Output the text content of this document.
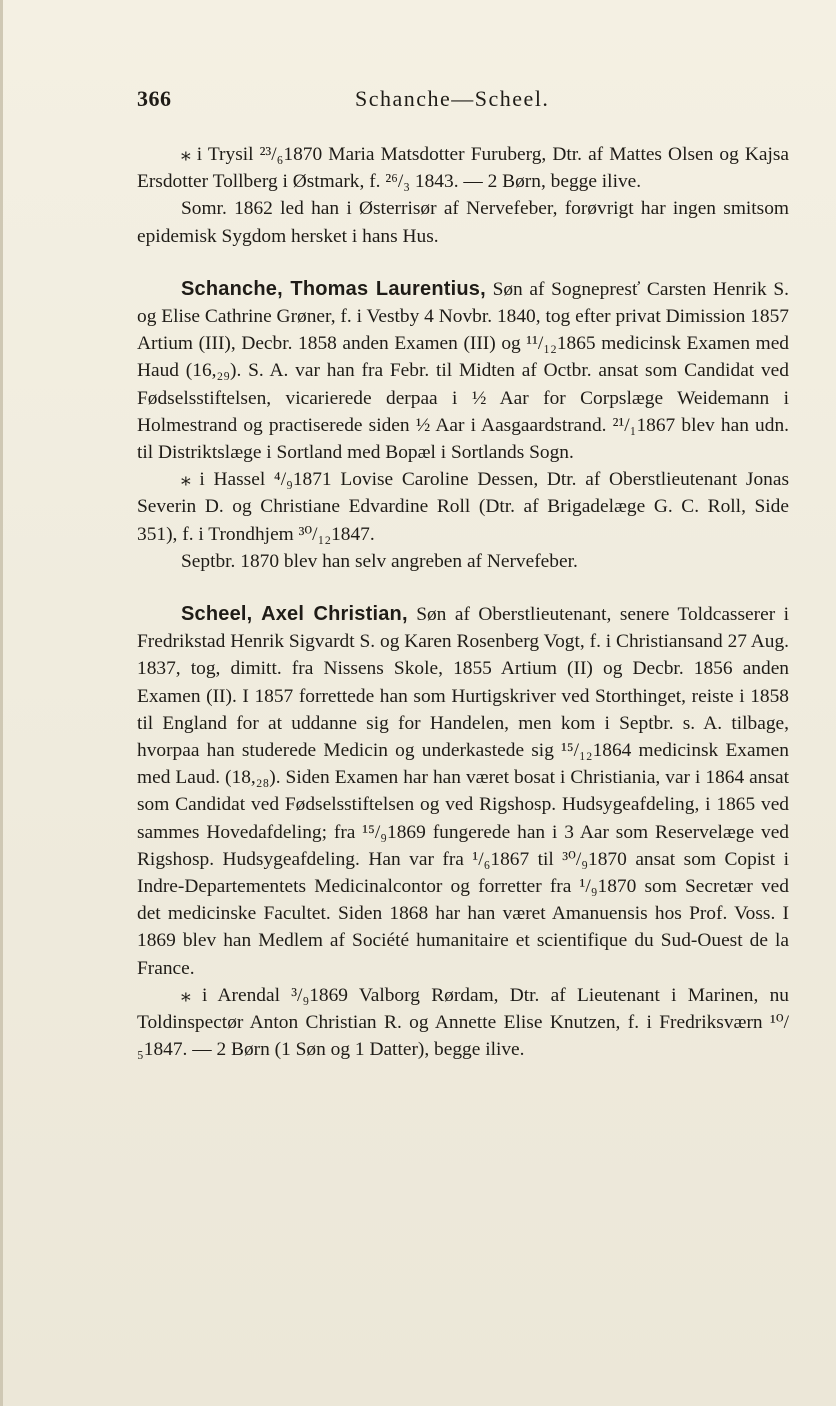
366	Schanche—Scheel.

⁎ i Trysil ²³/₆1870 Maria Matsdotter Furuberg, Dtr. af Mattes Olsen og Kajsa Ersdotter Tollberg i Østmark, f. ²⁶/₃ 1843. — 2 Børn, begge ilive.

Somr. 1862 led han i Østerrisør af Nervefeber, forøvrigt har ingen smitsom epidemisk Sygdom hersket i hans Hus.

Schanche, Thomas Laurentius, Søn af Sognepresť Carsten Henrik S. og Elise Cathrine Grøner, f. i Vestby 4 Novbr. 1840, tog efter privat Dimission 1857 Artium (III), Decbr. 1858 anden Examen (III) og ¹¹/₁₂1865 medicinsk Examen med Haud (16,₂₉). S. A. var han fra Febr. til Midten af Octbr. ansat som Candidat ved Fødselsstiftelsen, vicarierede derpaa i ½ Aar for Corpslæge Weidemann i Holmestrand og practiserede siden ½ Aar i Aasgaardstrand. ²¹/₁1867 blev han udn. til Distriktslæge i Sortland med Bopæl i Sortlands Sogn.

⁎ i Hassel ⁴/₉1871 Lovise Caroline Dessen, Dtr. af Oberstlieutenant Jonas Severin D. og Christiane Edvardine Roll (Dtr. af Brigadelæge G. C. Roll, Side 351), f. i Trondhjem ³⁰/₁₂1847.

Septbr. 1870 blev han selv angreben af Nervefeber.

Scheel, Axel Christian, Søn af Oberstlieutenant, senere Toldcasserer i Fredrikstad Henrik Sigvardt S. og Karen Rosenberg Vogt, f. i Christiansand 27 Aug. 1837, tog, dimitt. fra Nissens Skole, 1855 Artium (II) og Decbr. 1856 anden Examen (II). I 1857 forrettede han som Hurtigskriver ved Storthinget, reiste i 1858 til England for at uddanne sig for Handelen, men kom i Septbr. s. A. tilbage, hvorpaa han studerede Medicin og underkastede sig ¹⁵/₁₂1864 medicinsk Examen med Laud. (18,₂₈). Siden Examen har han været bosat i Christiania, var i 1864 ansat som Candidat ved Fødselsstiftelsen og ved Rigshosp. Hudsygeafdeling, i 1865 ved sammes Hovedafdeling; fra ¹⁵/₉1869 fungerede han i 3 Aar som Reservelæge ved Rigshosp. Hudsygeafdeling. Han var fra ¹/₆1867 til ³⁰/₉1870 ansat som Copist i Indre-Departementets Medicinalcontor og forretter fra ¹/₉1870 som Secretær ved det medicinske Facultet. Siden 1868 har han været Amanuensis hos Prof. Voss. I 1869 blev han Medlem af Société humanitaire et scientifique du Sud-Ouest de la France.

⁎ i Arendal ³/₉1869 Valborg Rørdam, Dtr. af Lieutenant i Marinen, nu Toldinspectør Anton Christian R. og Annette Elise Knutzen, f. i Fredriksværn ¹⁰/₅1847. — 2 Børn (1 Søn og 1 Datter), begge ilive.
